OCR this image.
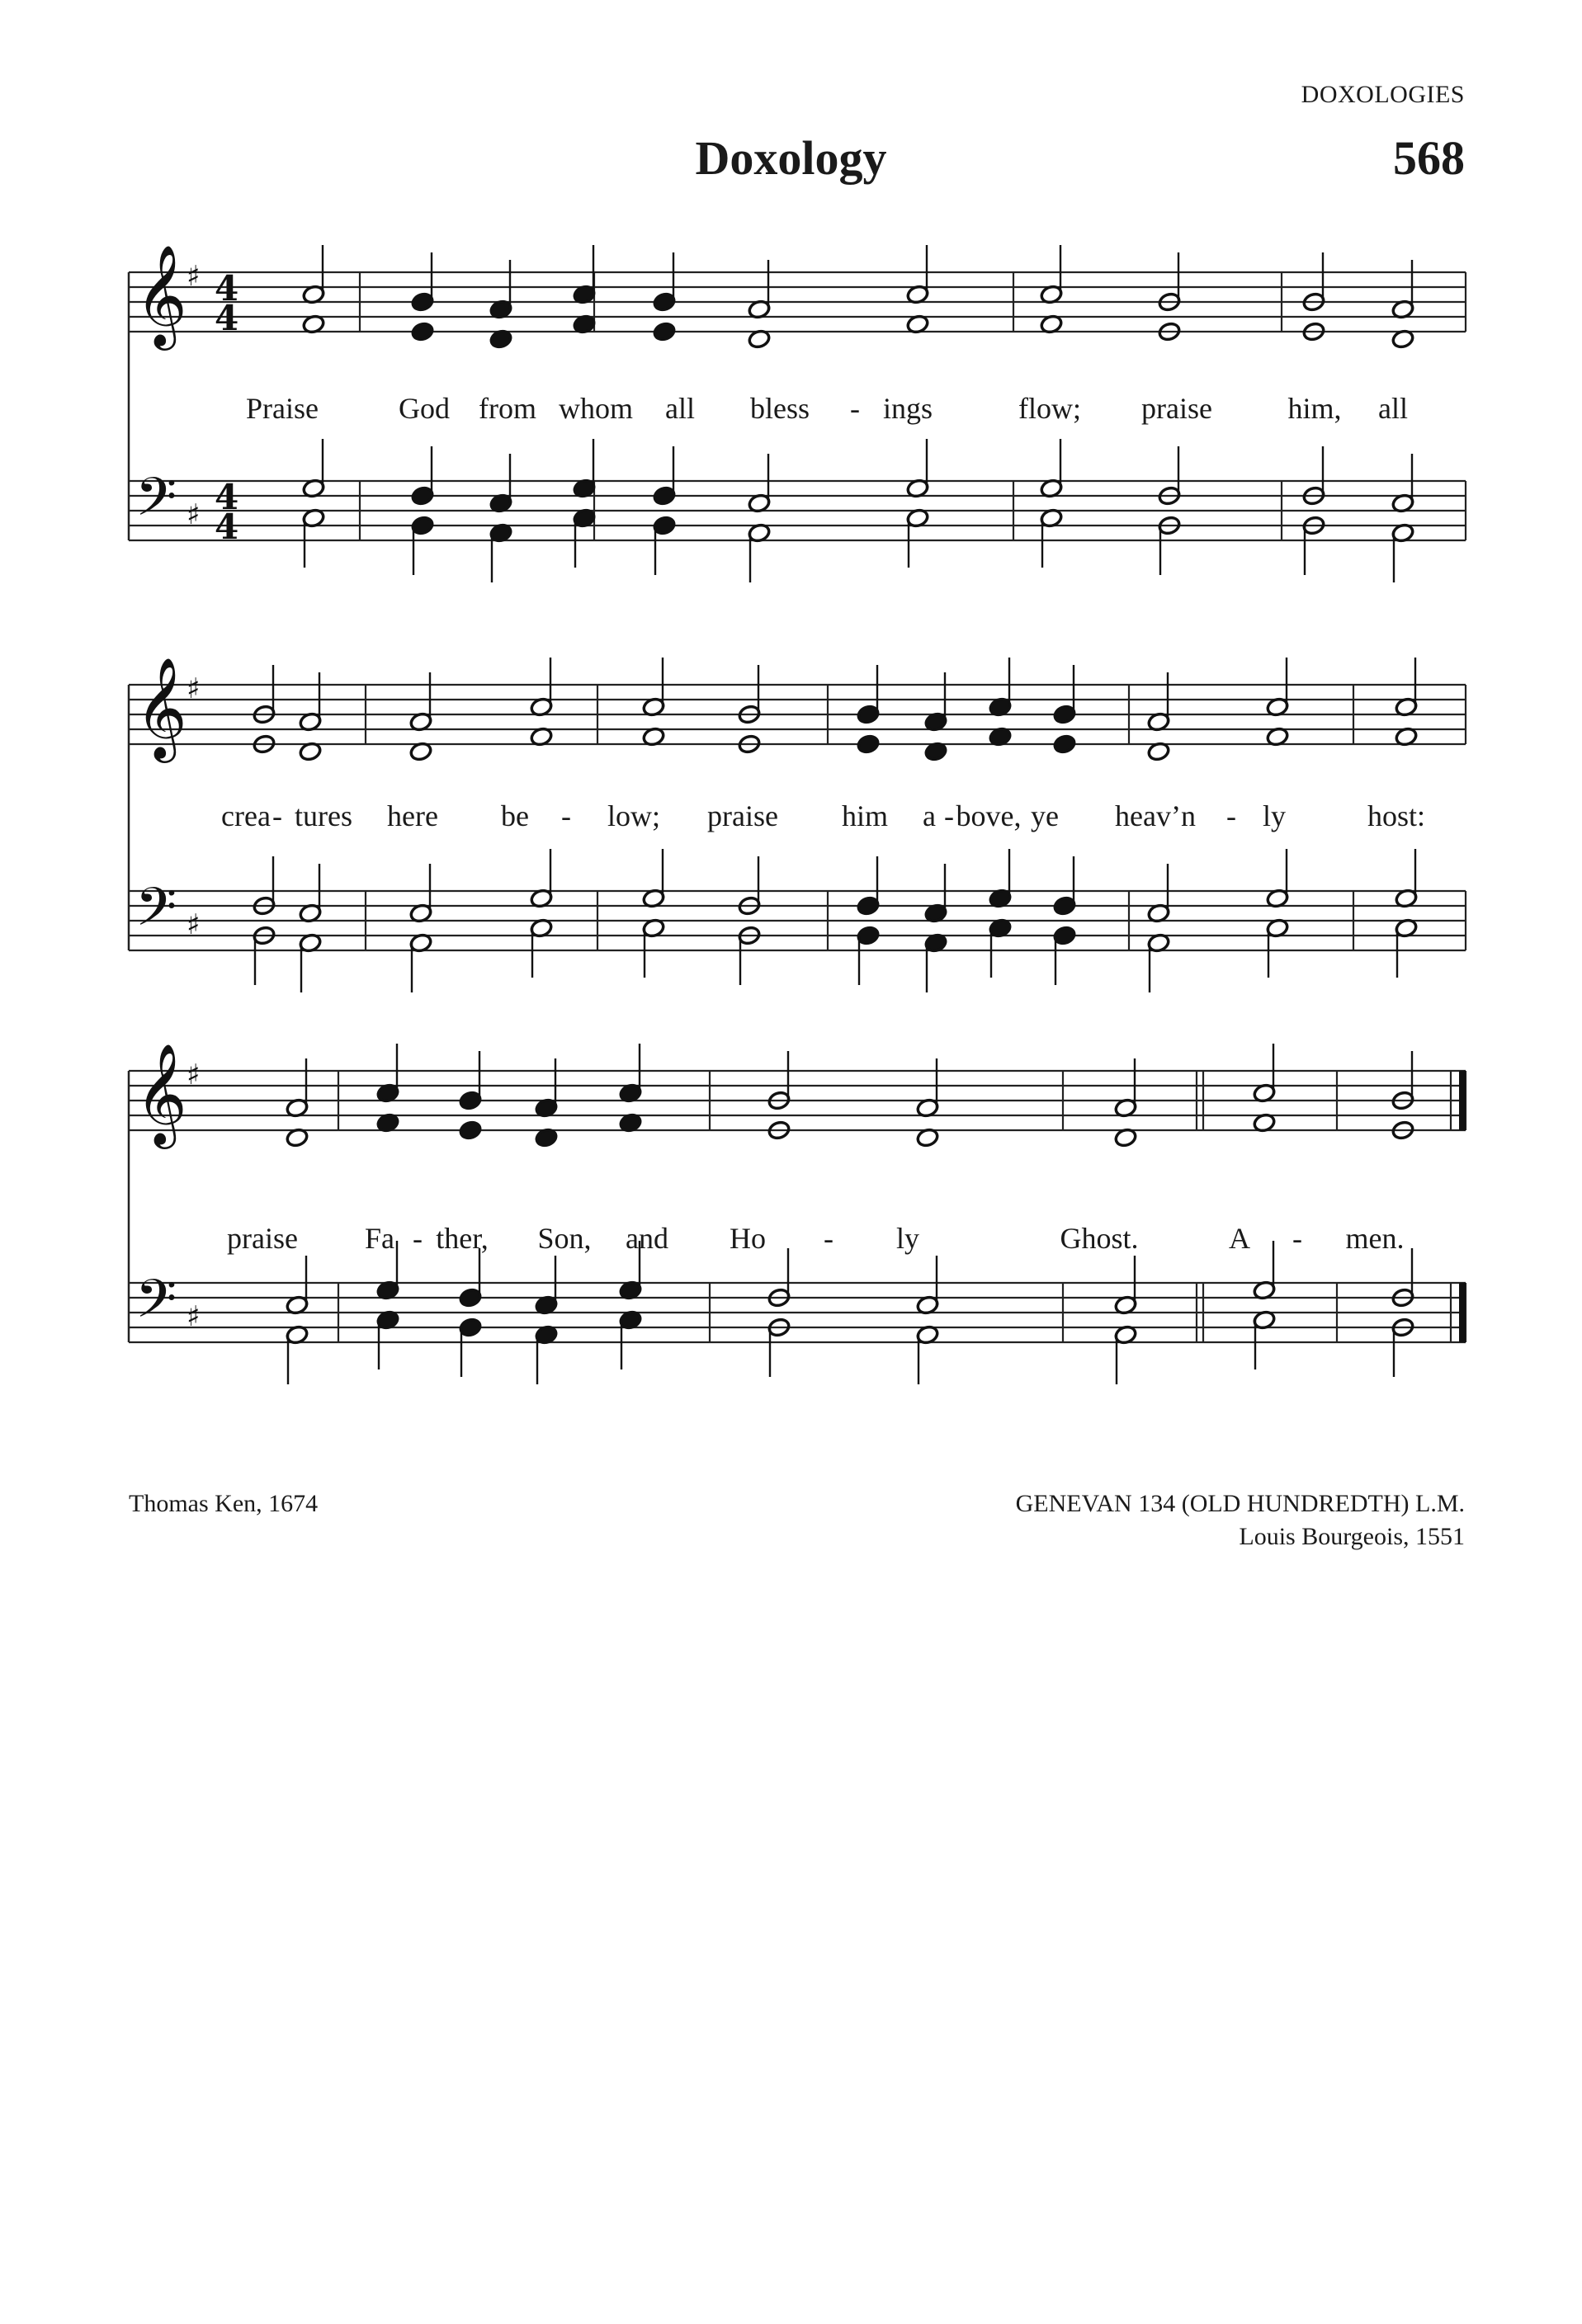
DOXOLOGIES
Doxology	568
𝄞
𝄢
♯
♯
4
4
4
4
𝄞
𝄢
♯
♯
𝄞
𝄢
♯
♯
Praise	God from whom all bless - ings	flow; praise	him, all
crea - tures here be - low; praise him a - bove, ye heav’n - ly	host:
praise Fa - ther, Son, and Ho - ly	Ghost.	A - men.
Thomas Ken, 1674	GENEVAN 134 (OLD HUNDREDTH) L.M.
Louis Bourgeois, 1551
